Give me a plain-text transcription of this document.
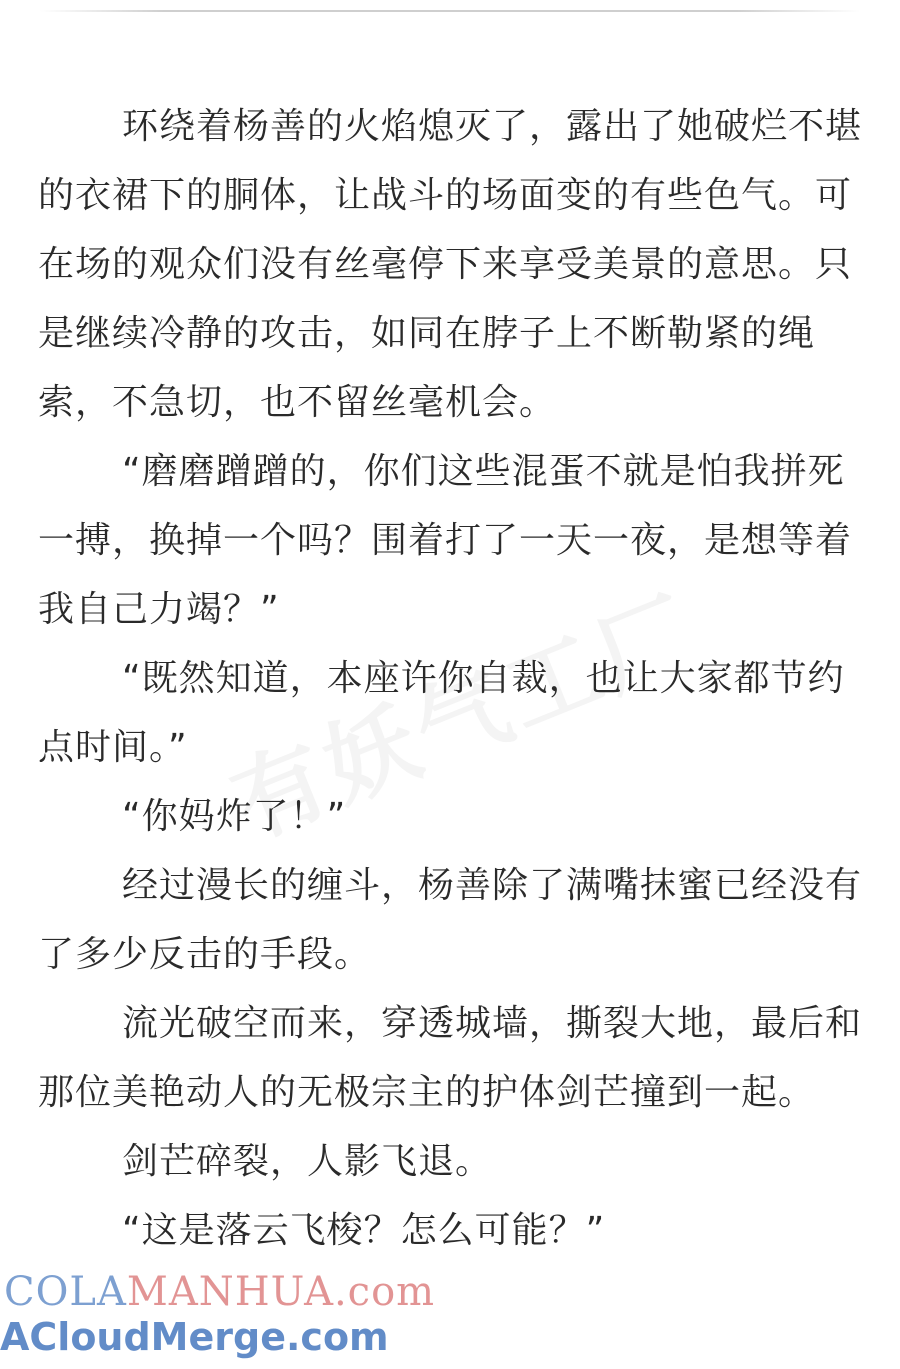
环绕着杨善的火焰熄灭了，露出了她破烂不堪的衣裙下的胴体，让战斗的场面变的有些色气。可在场的观众们没有丝毫停下来享受美景的意思。只是继续冷静的攻击，如同在脖子上不断勒紧的绳索，不急切，也不留丝毫机会。

“磨磨蹭蹭的，你们这些混蛋不就是怕我拼死一搏，换掉一个吗？围着打了一天一夜，是想等着我自己力竭？”

“既然知道，本座许你自裁，也让大家都节约点时间。”

“你妈炸了！”

经过漫长的缠斗，杨善除了满嘴抹蜜已经没有了多少反击的手段。

流光破空而来，穿透城墙，撕裂大地，最后和那位美艳动人的无极宗主的护体剑芒撞到一起。

剑芒碎裂，人影飞退。

“这是落云飞梭？怎么可能？”

COLAMANHUA.com
ACloudMerge.com
